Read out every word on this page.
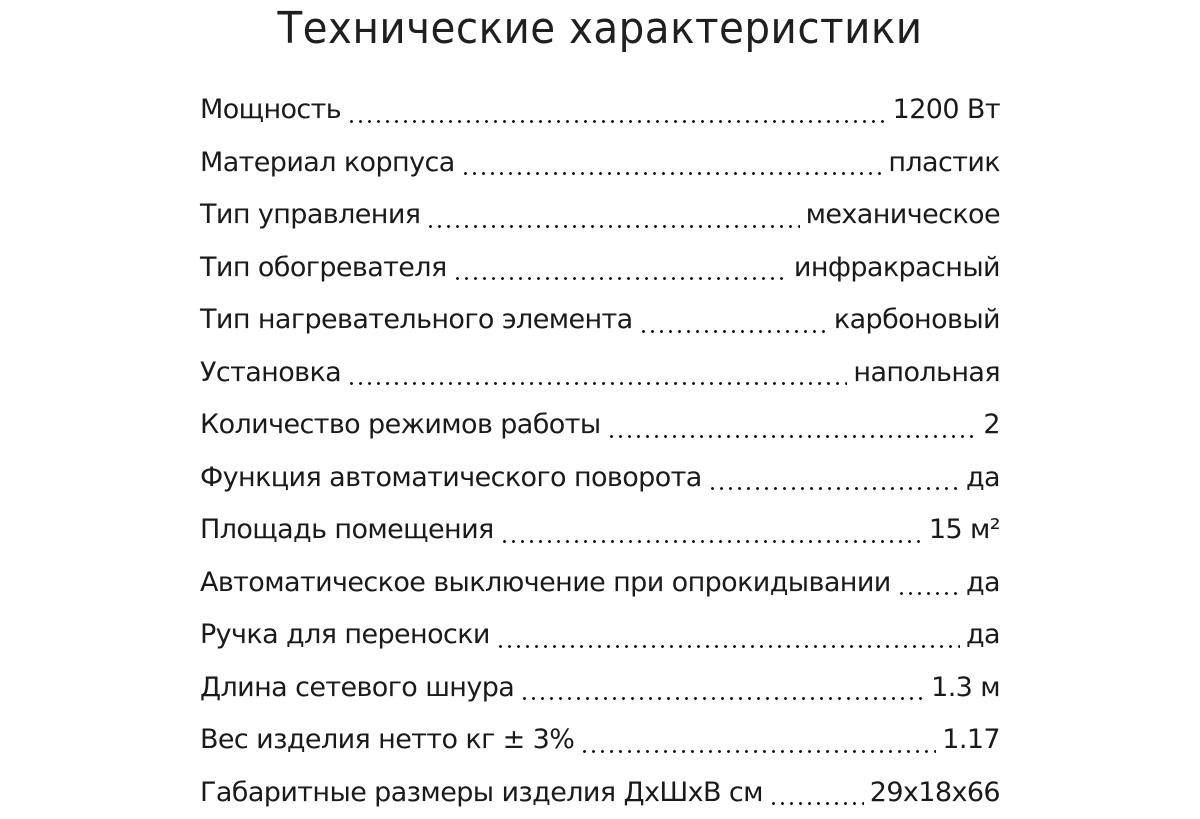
Технические характеристики
Мощность	1200 Вт
Материал корпуса	пластик
Тип управления	механическое
Тип обогревателя	инфракрасный
Тип нагревательного элемента	карбоновый
Установка	напольная
Количество режимов работы	2
Функция автоматического поворота	да
Площадь помещения	15 м²
Автоматическое выключение при опрокидывании	да
Ручка для переноски	да
Длина сетевого шнура	1.3 м
Вес изделия нетто кг ± 3%	1.17
Габаритные размеры изделия ДхШхВ см	29х18х66
